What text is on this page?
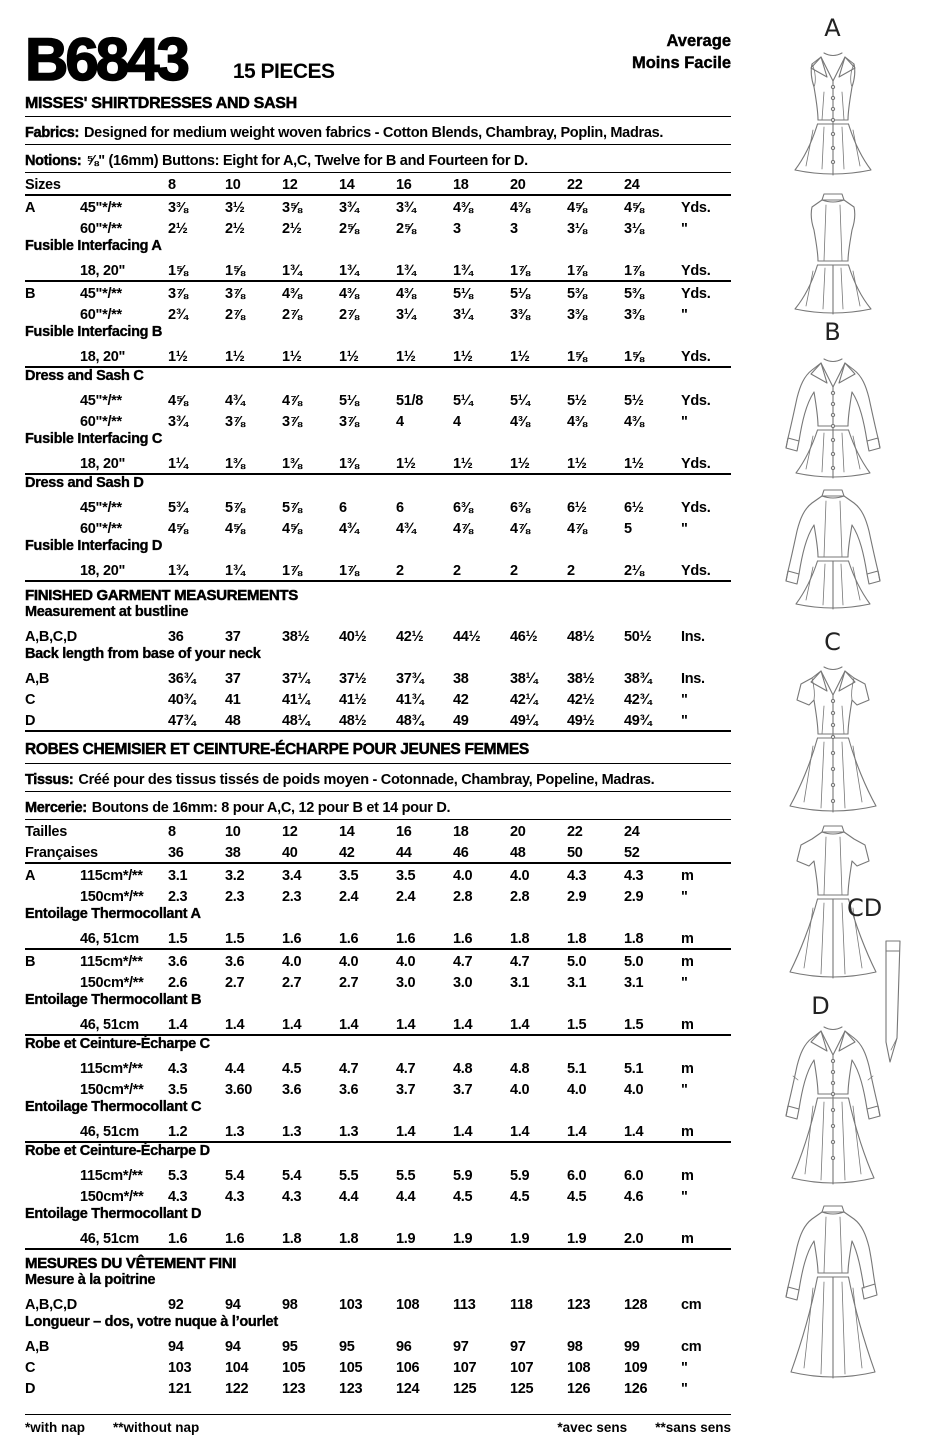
B6843 15 PIECES
Average
Moins Facile
MISSES' SHIRTDRESSES AND SASH
Fabrics: Designed for medium weight woven fabrics - Cotton Blends, Chambray, Poplin, Madras.
Notions: ⅝" (16mm) Buttons: Eight for A,C, Twelve for B and Fourteen for D.
Sizes	8	10	12	14	16	18	20	22	24
A	45"*/**	3⅜	3½	3⅝	3¾	3¾	4⅜	4⅜	4⅝	4⅝	Yds.
60"*/**	2½	2½	2½	2⅝	2⅝	3	3	3⅛	3⅛	"
Fusible Interfacing A
18, 20"	1⅝	1⅝	1¾	1¾	1¾	1¾	1⅞	1⅞	1⅞	Yds.
B	45"*/**	3⅞	3⅞	4⅜	4⅜	4⅜	5⅛	5⅛	5⅜	5⅜	Yds.
60"*/**	2¾	2⅞	2⅞	2⅞	3¼	3¼	3⅜	3⅜	3⅜	"
Fusible Interfacing B
18, 20"	1½	1½	1½	1½	1½	1½	1½	1⅝	1⅝	Yds.
Dress and Sash C
45"*/**	4⅝	4¾	4⅞	5⅛	51/8	5¼	5¼	5½	5½	Yds.
60"*/**	3¾	3⅞	3⅞	3⅞	4	4	4⅜	4⅜	4⅜	"
Fusible Interfacing C
18, 20"	1¼	1⅜	1⅜	1⅜	1½	1½	1½	1½	1½	Yds.
Dress and Sash D
45"*/**	5¾	5⅞	5⅞	6	6	6⅜	6⅜	6½	6½	Yds.
60"*/**	4⅝	4⅝	4⅝	4¾	4¾	4⅞	4⅞	4⅞	5	"
Fusible Interfacing D
18, 20"	1¾	1¾	1⅞	1⅞	2	2	2	2	2⅛	Yds.
FINISHED GARMENT MEASUREMENTS
Measurement at bustline
A,B,C,D	36	37	38½	40½	42½	44½	46½	48½	50½	Ins.
Back length from base of your neck
A,B	36¾	37	37¼	37½	37¾	38	38¼	38½	38¾	Ins.
C	40¾	41	41¼	41½	41¾	42	42¼	42½	42¾	"
D	47¾	48	48¼	48½	48¾	49	49¼	49½	49¾	"
ROBES CHEMISIER ET CEINTURE-ÉCHARPE POUR JEUNES FEMMES
Tissus: Créé pour des tissus tissés de poids moyen - Cotonnade, Chambray, Popeline, Madras.
Mercerie: Boutons de 16mm: 8 pour A,C, 12 pour B et 14 pour D.
Tailles	8	10	12	14	16	18	20	22	24
Françaises	36	38	40	42	44	46	48	50	52
A	115cm*/**	3.1	3.2	3.4	3.5	3.5	4.0	4.0	4.3	4.3	m
150cm*/**	2.3	2.3	2.3	2.4	2.4	2.8	2.8	2.9	2.9	"
Entoilage Thermocollant A
46, 51cm	1.5	1.5	1.6	1.6	1.6	1.6	1.8	1.8	1.8	m
B	115cm*/**	3.6	3.6	4.0	4.0	4.0	4.7	4.7	5.0	5.0	m
150cm*/**	2.6	2.7	2.7	2.7	3.0	3.0	3.1	3.1	3.1	"
Entoilage Thermocollant B
46, 51cm	1.4	1.4	1.4	1.4	1.4	1.4	1.4	1.5	1.5	m
Robe et Ceinture-Écharpe C
115cm*/**	4.3	4.4	4.5	4.7	4.7	4.8	4.8	5.1	5.1	m
150cm*/**	3.5	3.60	3.6	3.6	3.7	3.7	4.0	4.0	4.0	"
Entoilage Thermocollant C
46, 51cm	1.2	1.3	1.3	1.3	1.4	1.4	1.4	1.4	1.4	m
Robe et Ceinture-Écharpe D
115cm*/**	5.3	5.4	5.4	5.5	5.5	5.9	5.9	6.0	6.0	m
150cm*/**	4.3	4.3	4.3	4.4	4.4	4.5	4.5	4.5	4.6	"
Entoilage Thermocollant D
46, 51cm	1.6	1.6	1.8	1.8	1.9	1.9	1.9	1.9	2.0	m
MESURES DU VÊTEMENT FINI
Mesure à la poitrine
A,B,C,D	92	94	98	103	108	113	118	123	128	cm
Longueur – dos, votre nuque à l’ourlet
A,B	94	94	95	95	96	97	97	98	99	cm
C	103	104	105	105	106	107	107	108	109	"
D	121	122	123	123	124	125	125	126	126	"
*with nap **without nap	*avec sens **sans sens
A
B
C
CD
D
